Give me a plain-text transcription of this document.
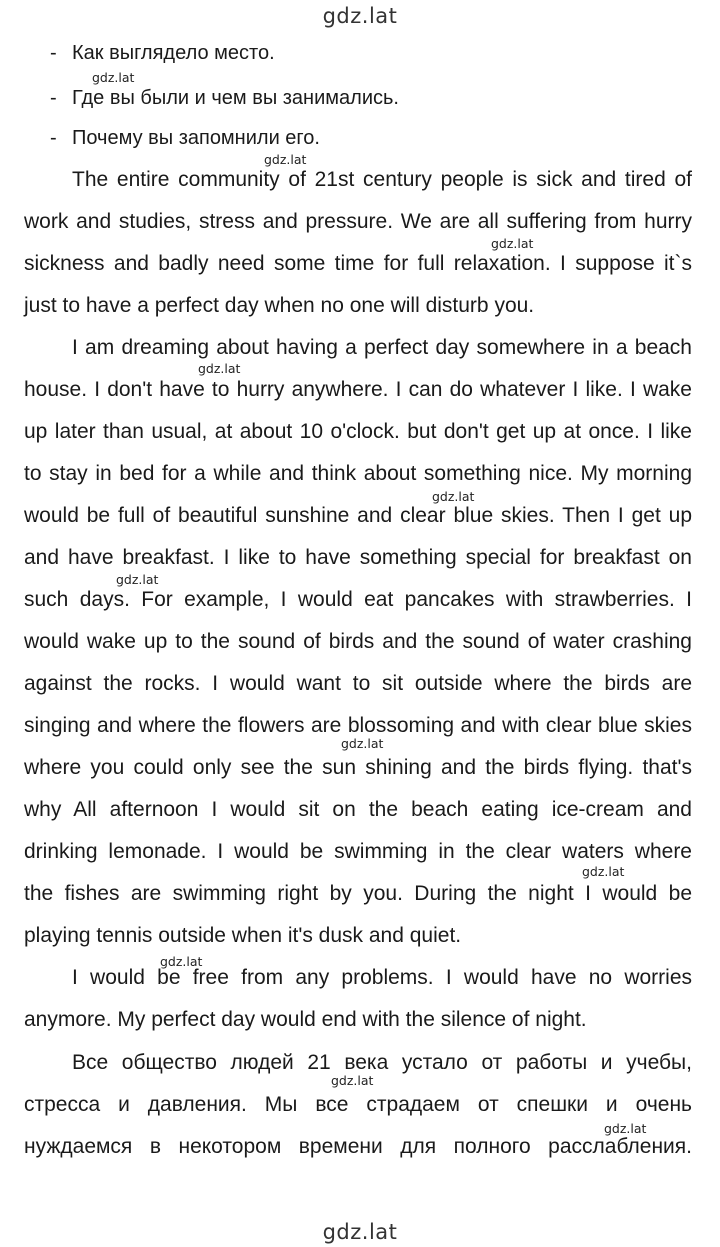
gdz.lat
gdz.lat
gdz.lat
gdz.lat
gdz.lat
gdz.lat
gdz.lat
gdz.lat
gdz.lat
gdz.lat
gdz.lat
gdz.lat
gdz.lat
- Как выглядело место.
- Где вы были и чем вы занимались.
- Почему вы запомнили его.
The entire community of 21st century people is sick and tired of
work and studies, stress and pressure. We are all suffering from hurry
sickness and badly need some time for full relaxation. I suppose it`s
just to have a perfect day when no one will disturb you.
I am dreaming about having a perfect day somewhere in a beach
house. I don't have to hurry anywhere. I can do whatever I like. I wake
up later than usual, at about 10 o'clock. but don't get up at once. I like
to stay in bed for a while and think about something nice. My morning
would be full of beautiful sunshine and clear blue skies. Then I get up
and have breakfast. I like to have something special for breakfast on
such days. For example, I would eat pancakes with strawberries. I
would wake up to the sound of birds and the sound of water crashing
against the rocks. I would want to sit outside where the birds are
singing and where the flowers are blossoming and with clear blue skies
where you could only see the sun shining and the birds flying. that's
why All afternoon I would sit on the beach eating ice-cream and
drinking lemonade. I would be swimming in the clear waters where
the fishes are swimming right by you. During the night I would be
playing tennis outside when it's dusk and quiet.
I would be free from any problems. I would have no worries
anymore. My perfect day would end with the silence of night.
Все общество людей 21 века устало от работы и учебы,
стресса и давления. Мы все страдаем от спешки и очень
нуждаемся в некотором времени для полного расслабления.
